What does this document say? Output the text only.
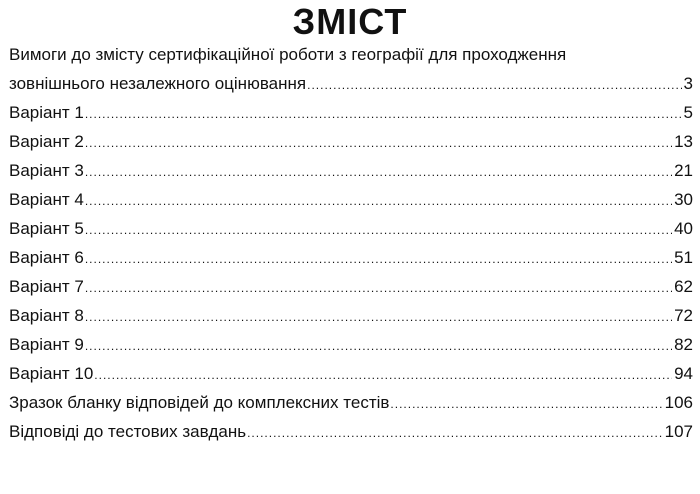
ЗМІСТ
Вимоги до змісту сертифікаційної роботи з географії для проходження
зовнішнього незалежного оцінювання .....	3
Варіант 1 .....	5
Варіант 2 .....	13
Варіант 3 .....	21
Варіант 4 .....	30
Варіант 5 .....	40
Варіант 6 .....	51
Варіант 7 .....	62
Варіант 8 .....	72
Варіант 9 .....	82
Варіант 10 .....	94
Зразок бланку відповідей до комплексних тестів .....	106
Відповіді до тестових завдань .....	107
